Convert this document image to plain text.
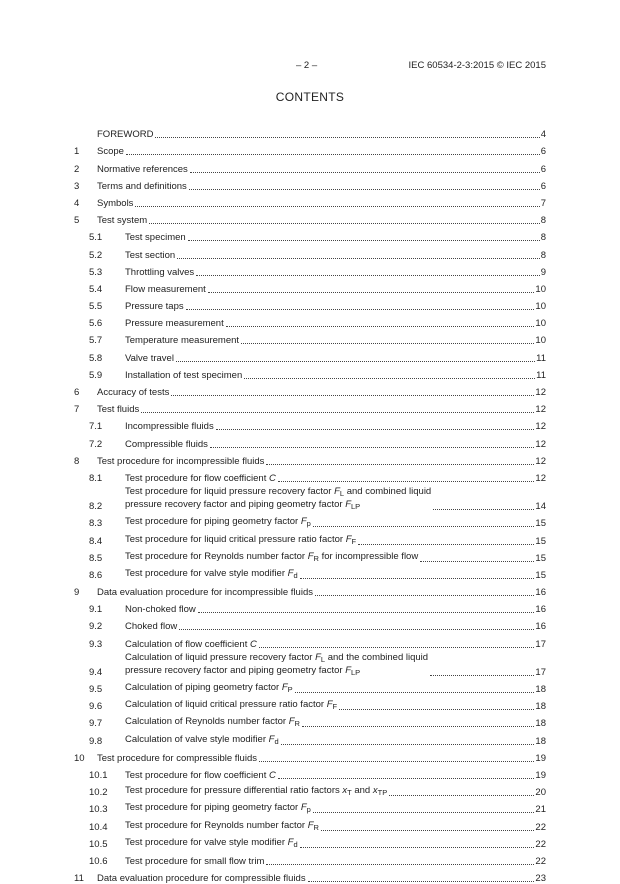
– 2 –	IEC 60534-2-3:2015 © IEC 2015
CONTENTS
FOREWORD	4
1	Scope	6
2	Normative references	6
3	Terms and definitions	6
4	Symbols	7
5	Test system	8
5.1	Test specimen	8
5.2	Test section	8
5.3	Throttling valves	9
5.4	Flow measurement	10
5.5	Pressure taps	10
5.6	Pressure measurement	10
5.7	Temperature measurement	10
5.8	Valve travel	11
5.9	Installation of test specimen	11
6	Accuracy of tests	12
7	Test fluids	12
7.1	Incompressible fluids	12
7.2	Compressible fluids	12
8	Test procedure for incompressible fluids	12
8.1	Test procedure for flow coefficient C	12
8.2
Test procedure for liquid pressure recovery factor $F_L$ and combined liquid
pressure recovery factor and piping geometry factor $F_{LP}$	14
8.3	Test procedure for piping geometry factor $F_p$	15
8.4	Test procedure for liquid critical pressure ratio factor $F_F$	15
8.5	Test procedure for Reynolds number factor $F_R$ for incompressible flow	15
8.6	Test procedure for valve style modifier $F_d$	15
9	Data evaluation procedure for incompressible fluids	16
9.1	Non-choked flow	16
9.2	Choked flow	16
9.3	Calculation of flow coefficient C	17
9.4
Calculation of liquid pressure recovery factor $F_L$ and the combined liquid
pressure recovery factor and piping geometry factor $F_{LP}$	17
9.5	Calculation of piping geometry factor $F_P$	18
9.6	Calculation of liquid critical pressure ratio factor $F_F$	18
9.7	Calculation of Reynolds number factor $F_R$	18
9.8	Calculation of valve style modifier $F_d$	18
10	Test procedure for compressible fluids	19
10.1	Test procedure for flow coefficient C	19
10.2	Test procedure for pressure differential ratio factors $x_T$ and $x_{TP}$	20
10.3	Test procedure for piping geometry factor $F_p$	21
10.4	Test procedure for Reynolds number factor $F_R$	22
10.5	Test procedure for valve style modifier $F_d$	22
10.6	Test procedure for small flow trim	22
11	Data evaluation procedure for compressible fluids	23
